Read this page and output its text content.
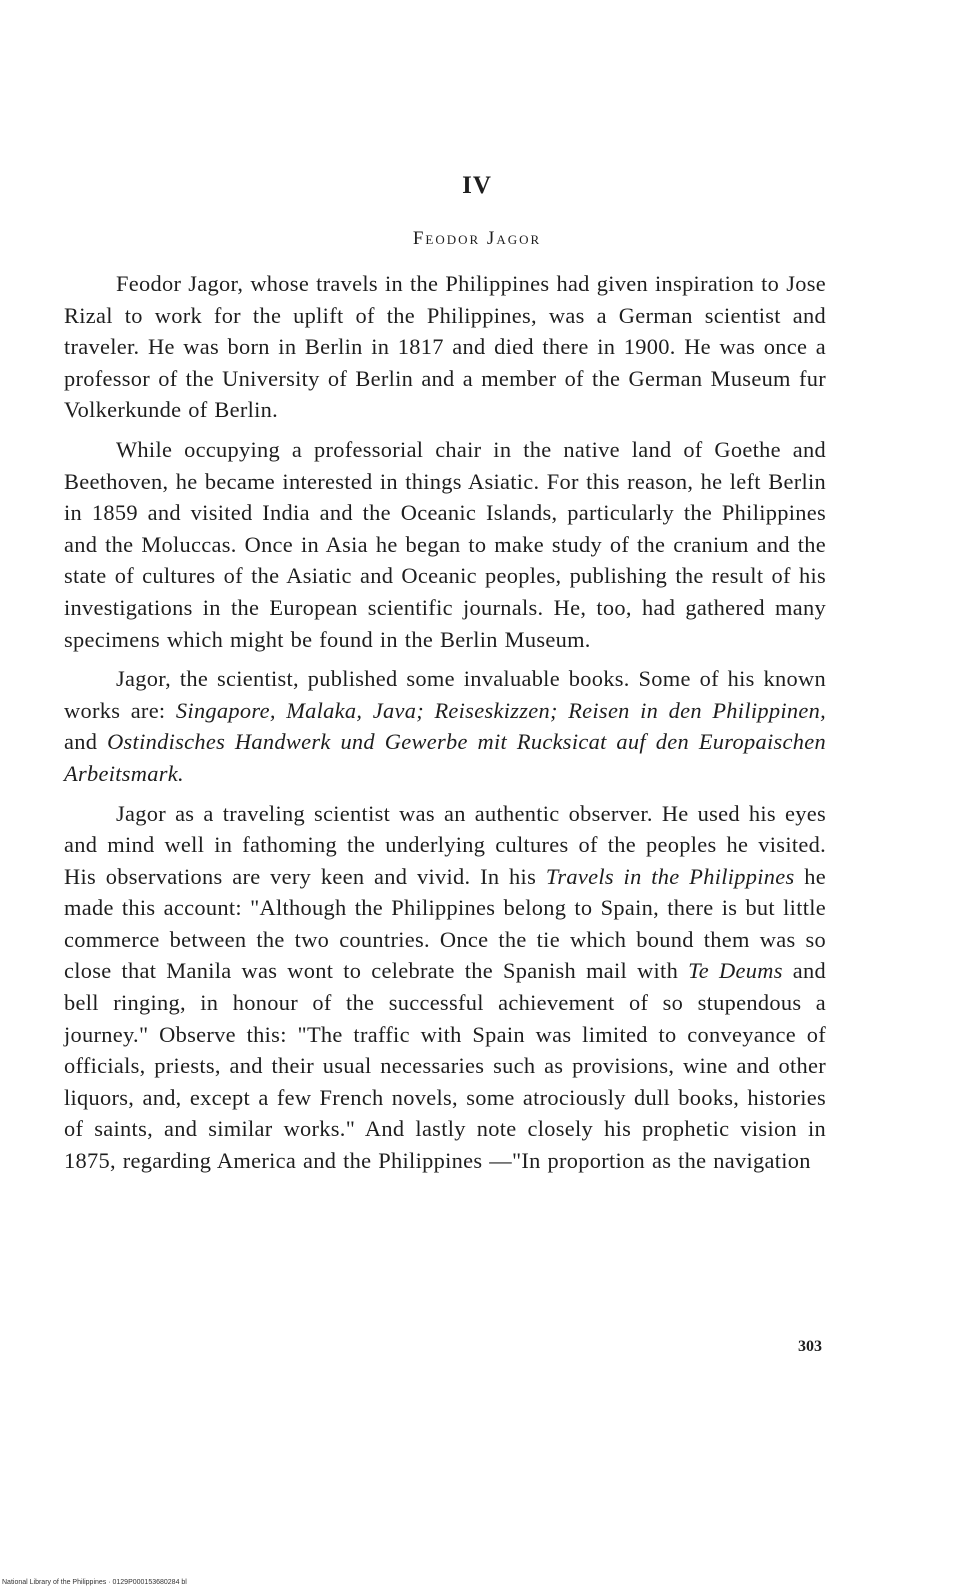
IV
Feodor Jagor

Feodor Jagor, whose travels in the Philippines had given inspiration to Jose Rizal to work for the uplift of the Philippines, was a German scientist and traveler. He was born in Berlin in 1817 and died there in 1900. He was once a professor of the University of Berlin and a member of the German Museum fur Volkerkunde of Berlin.

While occupying a professorial chair in the native land of Goethe and Beethoven, he became interested in things Asiatic. For this reason, he left Berlin in 1859 and visited India and the Oceanic Islands, particularly the Philippines and the Moluccas. Once in Asia he began to make study of the cranium and the state of cultures of the Asiatic and Oceanic peoples, publishing the result of his investigations in the European scientific journals. He, too, had gathered many specimens which might be found in the Berlin Museum.

Jagor, the scientist, published some invaluable books. Some of his known works are: Singapore, Malaka, Java; Reiseskizzen; Reisen in den Philippinen, and Ostindisches Handwerk und Gewerbe mit Rucksicat auf den Europaischen Arbeitsmark.

Jagor as a traveling scientist was an authentic observer. He used his eyes and mind well in fathoming the underlying cultures of the peoples he visited. His observations are very keen and vivid. In his Travels in the Philippines he made this account: "Although the Philippines belong to Spain, there is but little commerce between the two countries. Once the tie which bound them was so close that Manila was wont to celebrate the Spanish mail with Te Deums and bell ringing, in honour of the successful achievement of so stupendous a journey." Observe this: "The traffic with Spain was limited to conveyance of officials, priests, and their usual necessaries such as provisions, wine and other liquors, and, except a few French novels, some atrociously dull books, histories of saints, and similar works." And lastly note closely his prophetic vision in 1875, regarding America and the Philippines —"In proportion as the navigation

303
National Library of the Philippines · 0129P000153680284 bl
